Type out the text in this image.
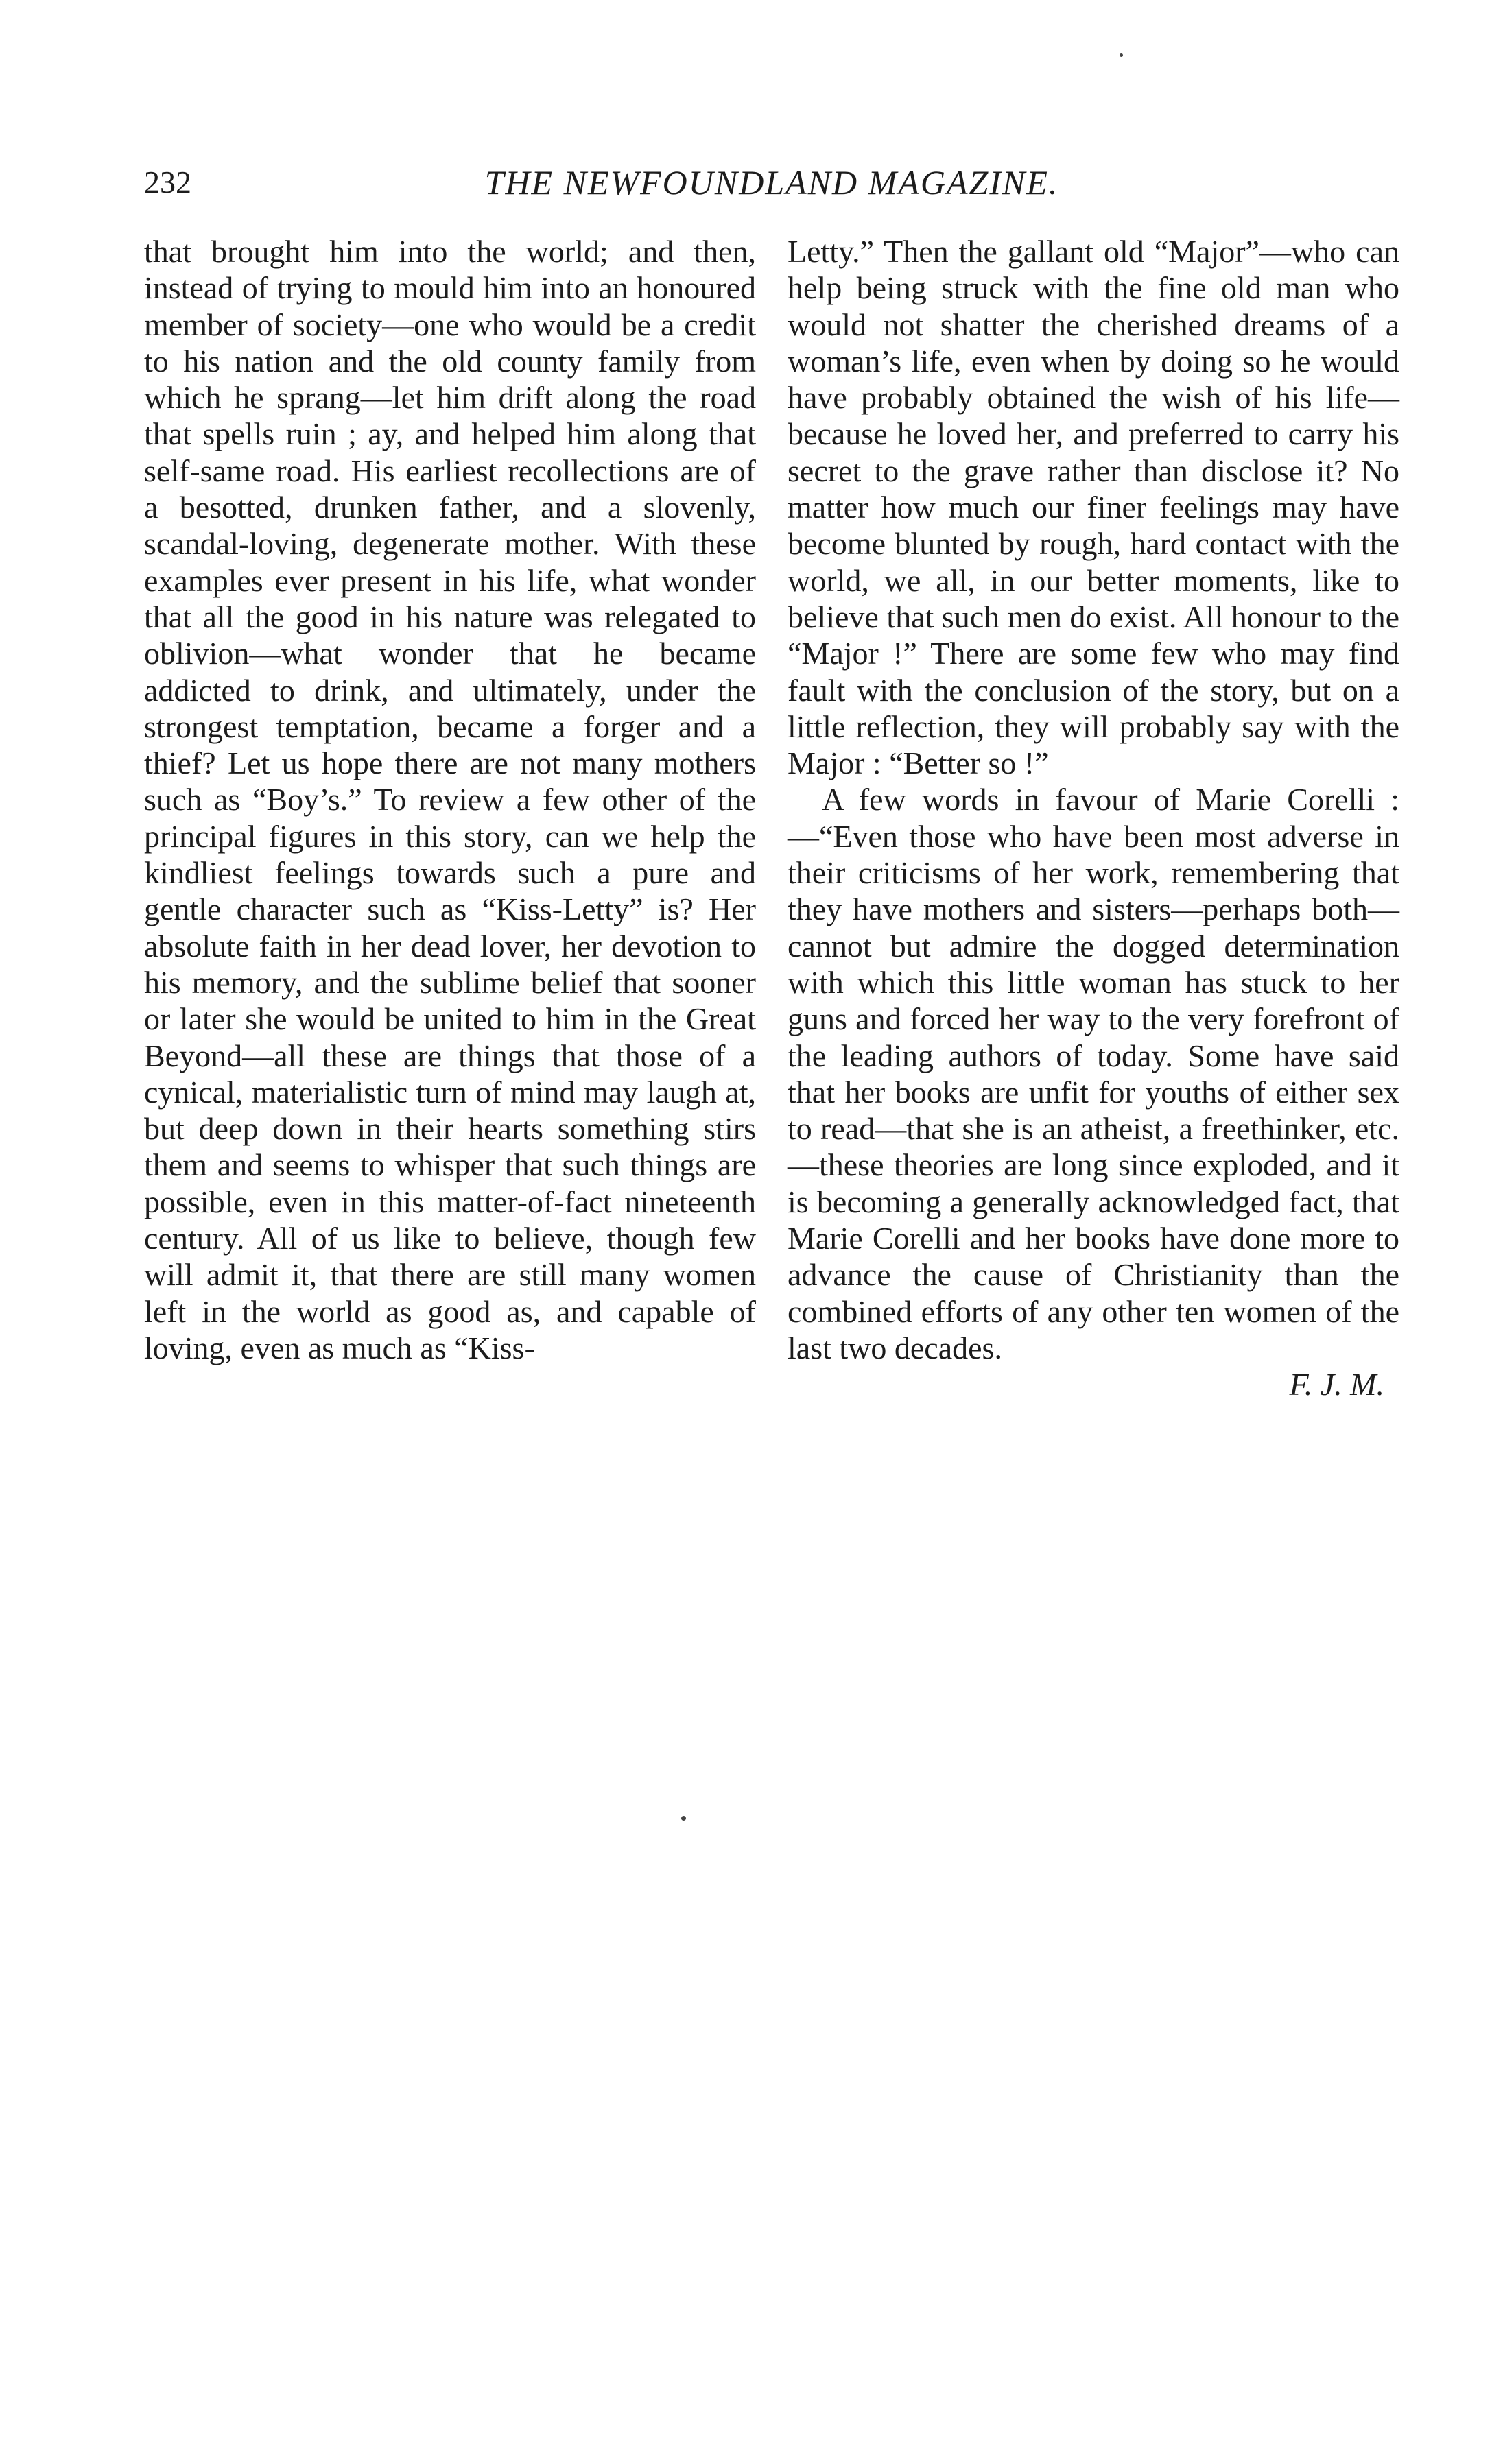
232	THE NEWFOUNDLAND MAGAZINE.

that brought him into the world; and then, instead of trying to mould him into an honoured member of society—one who would be a credit to his nation and the old county family from which he sprang—let him drift along the road that spells ruin ; ay, and helped him along that self-same road. His earliest recollections are of a besotted, drunken father, and a slovenly, scandal-loving, degenerate mother. With these examples ever present in his life, what wonder that all the good in his nature was relegated to oblivion—what wonder that he became addicted to drink, and ultimately, under the strongest temptation, became a forger and a thief? Let us hope there are not many mothers such as “Boy’s.” To review a few other of the principal figures in this story, can we help the kindliest feelings towards such a pure and gentle character such as “Kiss-Letty” is? Her absolute faith in her dead lover, her devotion to his memory, and the sublime belief that sooner or later she would be united to him in the Great Beyond—all these are things that those of a cynical, materialistic turn of mind may laugh at, but deep down in their hearts something stirs them and seems to whisper that such things are possible, even in this matter-of-fact nineteenth century. All of us like to believe, though few will admit it, that there are still many women left in the world as good as, and capable of loving, even as much as “Kiss-

Letty.” Then the gallant old “Major”—who can help being struck with the fine old man who would not shatter the cherished dreams of a woman’s life, even when by doing so he would have probably obtained the wish of his life—because he loved her, and preferred to carry his secret to the grave rather than disclose it? No matter how much our finer feelings may have become blunted by rough, hard contact with the world, we all, in our better moments, like to believe that such men do exist. All honour to the “Major !” There are some few who may find fault with the conclusion of the story, but on a little reflection, they will probably say with the Major : “Better so !”

A few words in favour of Marie Corelli :—“Even those who have been most adverse in their criticisms of her work, remembering that they have mothers and sisters—perhaps both—cannot but admire the dogged determination with which this little woman has stuck to her guns and forced her way to the very forefront of the leading authors of today. Some have said that her books are unfit for youths of either sex to read—that she is an atheist, a freethinker, etc.—these theories are long since exploded, and it is becoming a generally acknowledged fact, that Marie Corelli and her books have done more to advance the cause of Christianity than the combined efforts of any other ten women of the last two decades.

F. J. M.
